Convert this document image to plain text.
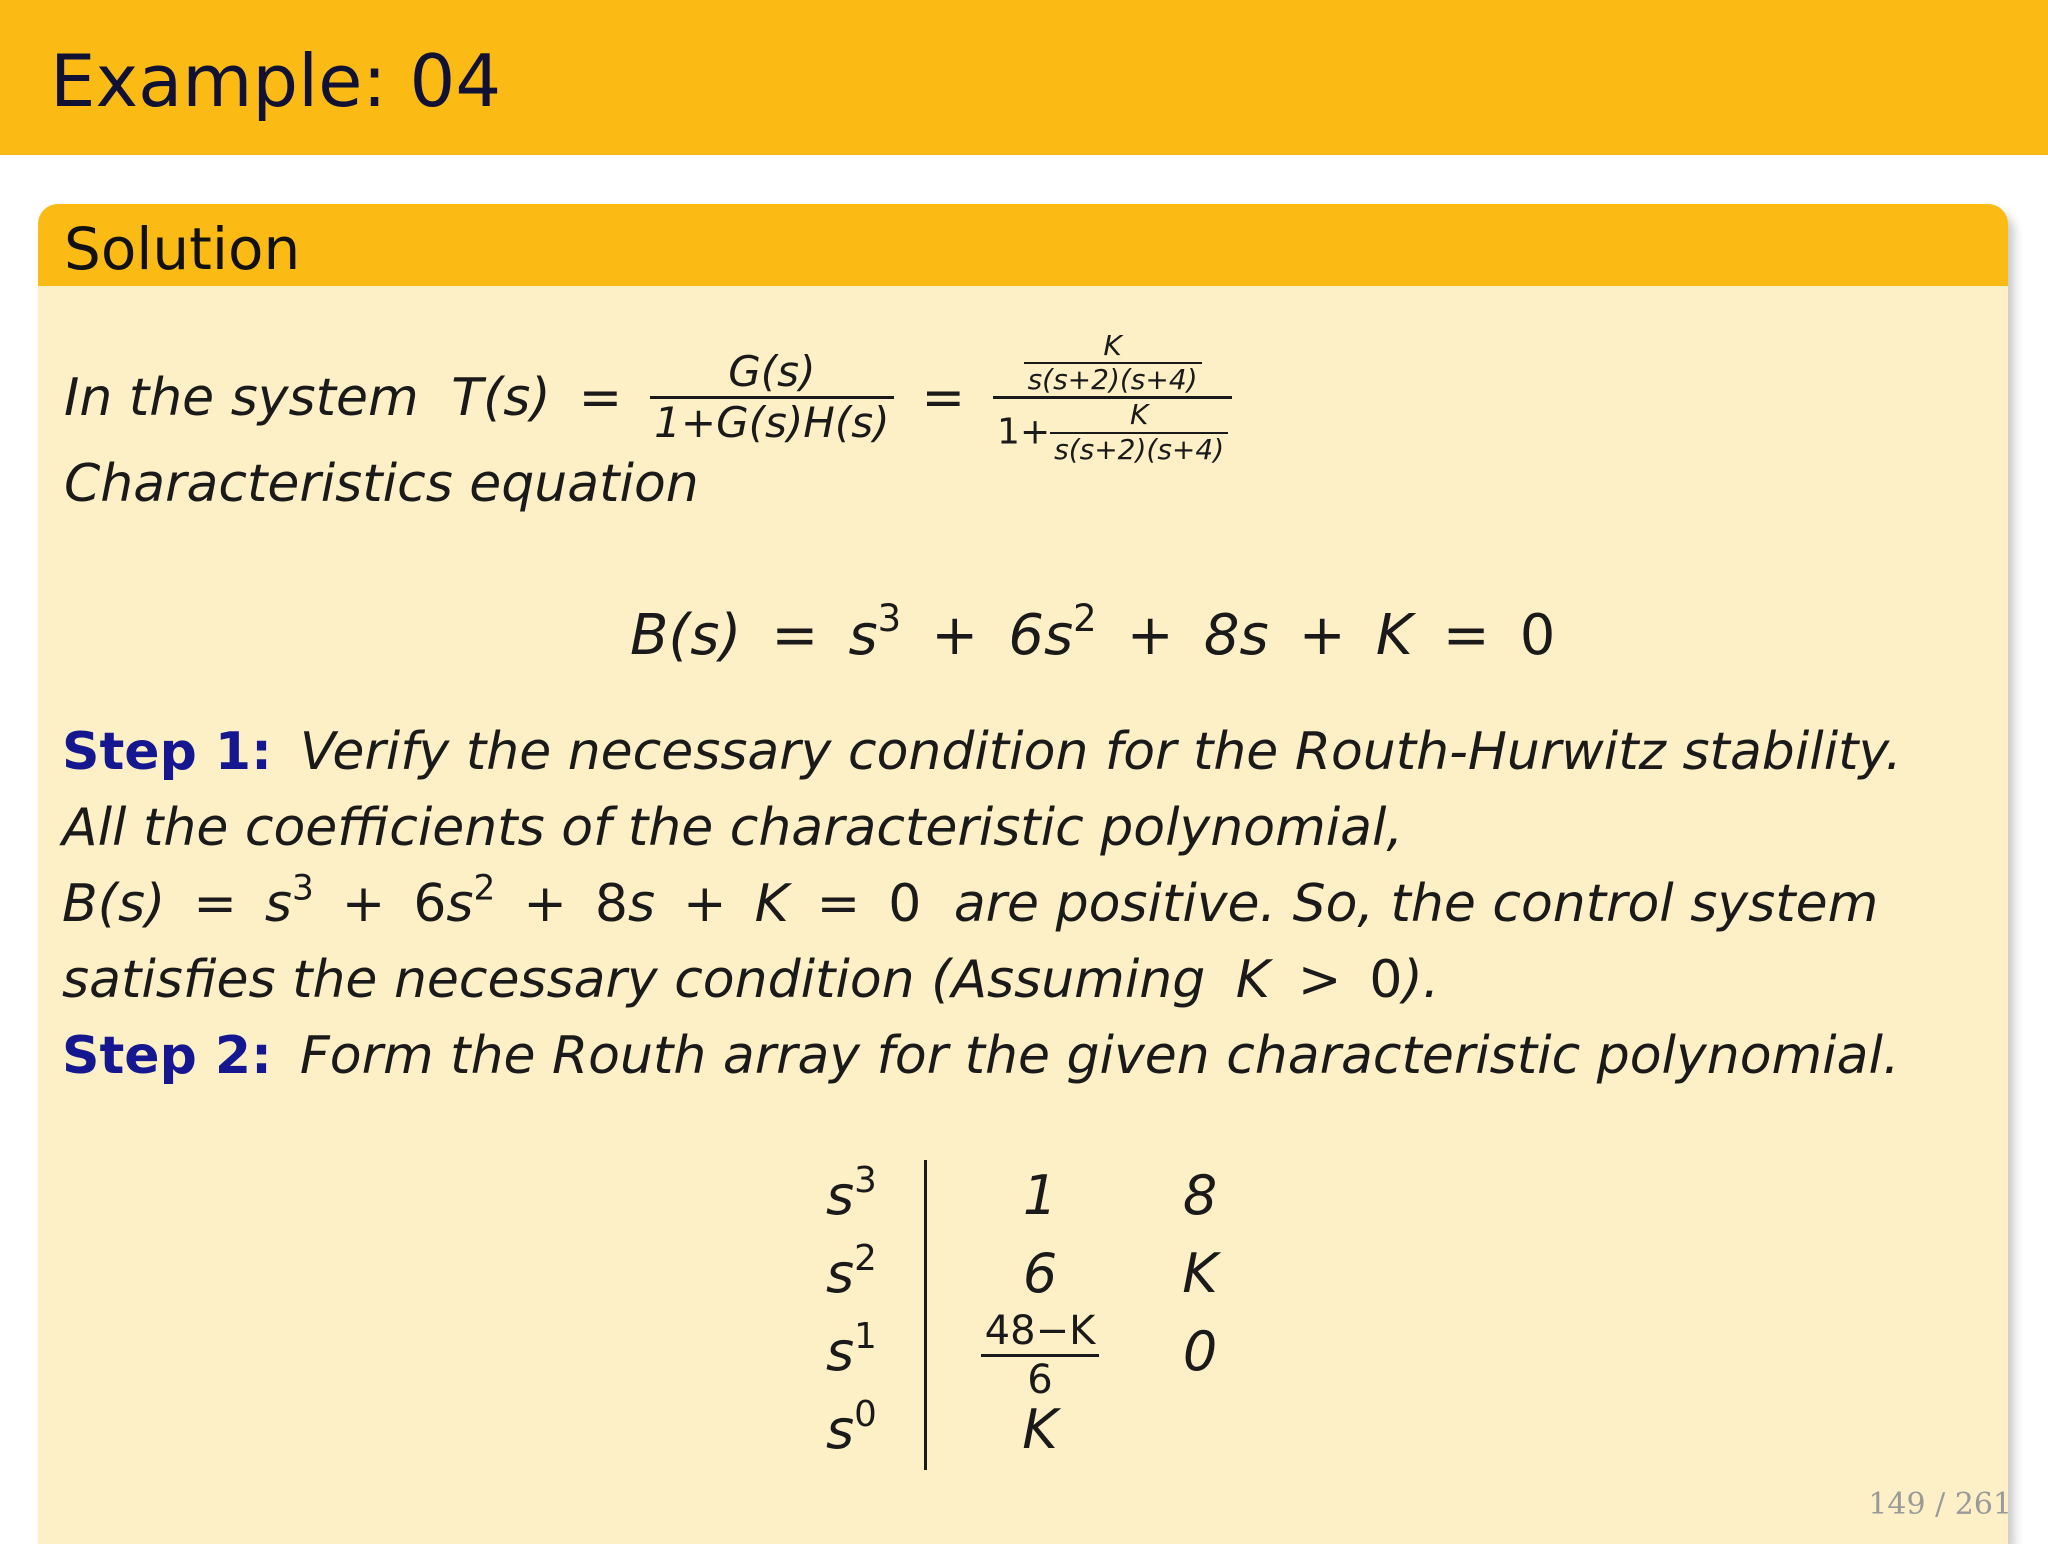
Example: 04
Solution
In the system $T(s) = \frac{G(s)}{1+G(s)H(s)} = \frac{\frac{K}{s(s+2)(s+4)}}{1+ \frac{K}{s(s+2)(s+4)}}$
Characteristics equation
$B(s) = s^3 + 6s^2 + 8s + K = 0$
Step 1: Verify the necessary condition for the Routh-Hurwitz stability.
All the coefficients of the characteristic polynomial,
$B(s) = s^3 + 6s^2 + 8s + K = 0$ are positive. So, the control system
satisfies the necessary condition (Assuming K > 0).
Step 2: Form the Routh array for the given characteristic polynomial.
$s^3$	1	8
$s^2$	6	K
$s^1$	$\frac{48-K}{6}$	0
$s^0$	K
149 / 261
